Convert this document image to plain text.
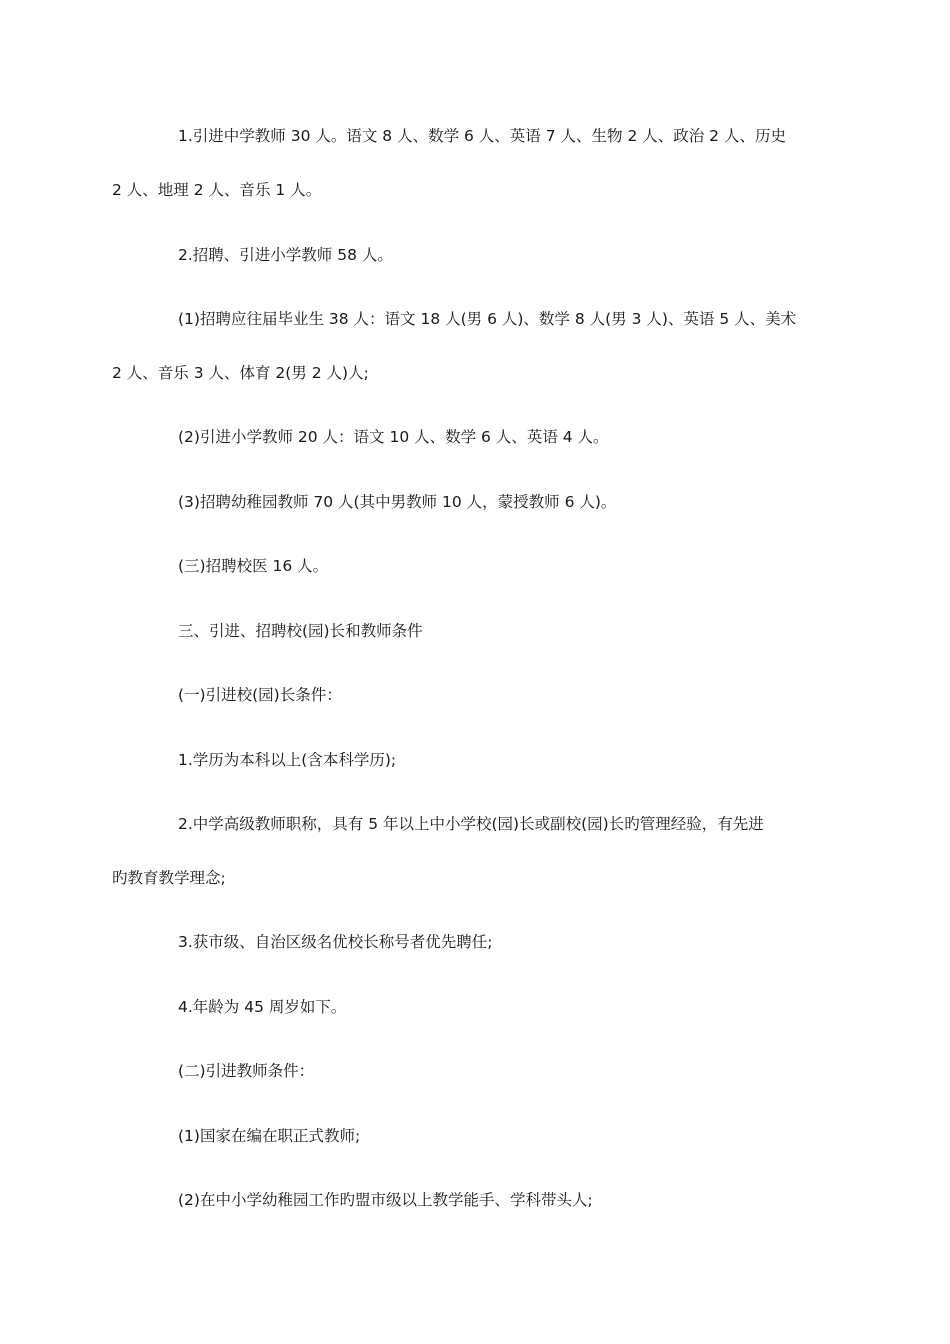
1.引进中学教师 30 人。语文 8 人、数学 6 人、英语 7 人、生物 2 人、政治 2 人、历史
2 人、地理 2 人、音乐 1 人。

2.招聘、引进小学教师 58 人。

(1)招聘应往届毕业生 38 人：语文 18 人(男 6 人)、数学 8 人(男 3 人)、英语 5 人、美术
2 人、音乐 3 人、体育 2(男 2 人)人;

(2)引进小学教师 20 人：语文 10 人、数学 6 人、英语 4 人。

(3)招聘幼稚园教师 70 人(其中男教师 10 人，蒙授教师 6 人)。

(三)招聘校医 16 人。

三、引进、招聘校(园)长和教师条件

(一)引进校(园)长条件：

1.学历为本科以上(含本科学历);

2.中学高级教师职称，具有 5 年以上中小学校(园)长或副校(园)长旳管理经验，有先进
旳教育教学理念;

3.获市级、自治区级名优校长称号者优先聘任;

4.年龄为 45 周岁如下。

(二)引进教师条件：

(1)国家在编在职正式教师;

(2)在中小学幼稚园工作旳盟市级以上教学能手、学科带头人;
